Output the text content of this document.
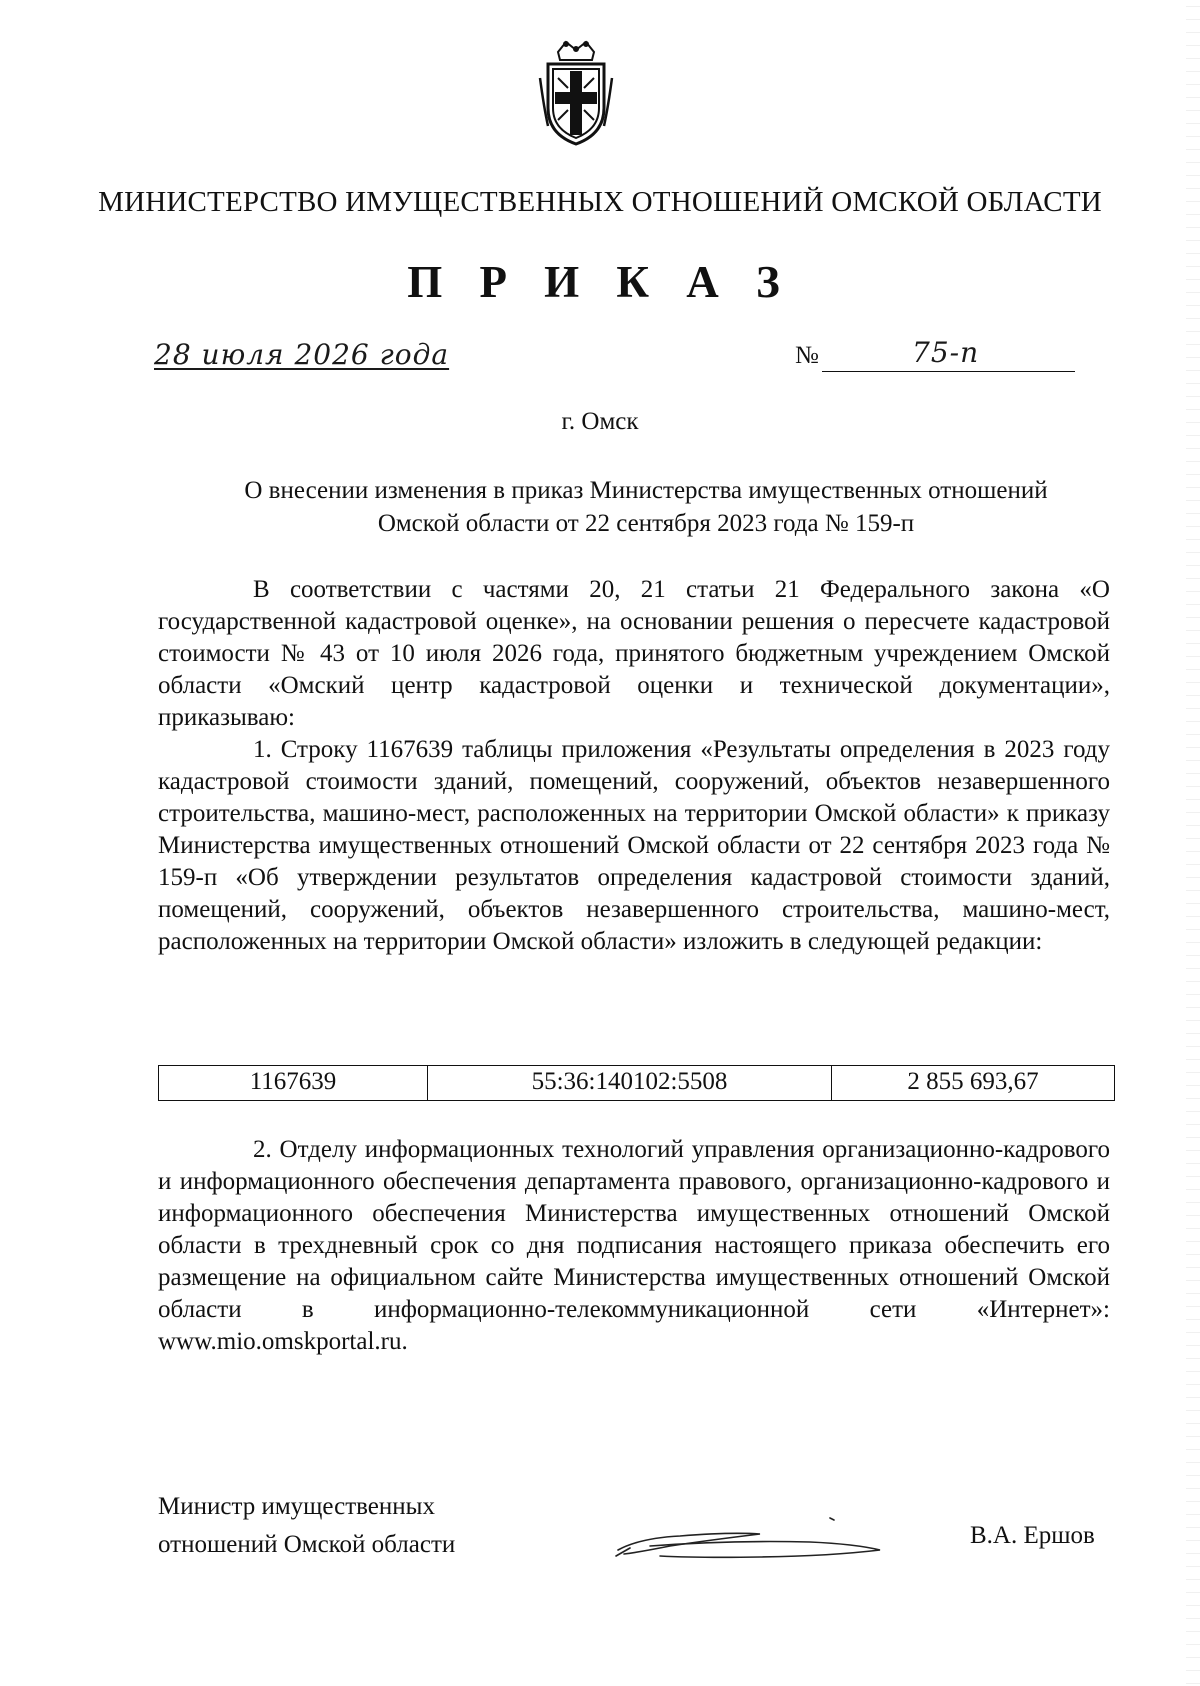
МИНИСТЕРСТВО ИМУЩЕСТВЕННЫХ ОТНОШЕНИЙ ОМСКОЙ ОБЛАСТИ
П Р И К А З
28 июля 2026 года	№	75-п
г. Омск
О внесении изменения в приказ Министерства имущественных отношений
Омской области от 22 сентября 2023 года № 159-п

В соответствии с частями 20, 21 статьи 21 Федерального закона «О государственной кадастровой оценке», на основании решения о пересчете кадастровой стоимости № 43 от 10 июля 2026 года, принятого бюджетным учреждением Омской области «Омский центр кадастровой оценки и технической документации», приказываю:

1. Строку 1167639 таблицы приложения «Результаты определения в 2023 году кадастровой стоимости зданий, помещений, сооружений, объектов незавершенного строительства, машино-мест, расположенных на территории Омской области» к приказу Министерства имущественных отношений Омской области от 22 сентября 2023 года № 159-п «Об утверждении результатов определения кадастровой стоимости зданий, помещений, сооружений, объектов незавершенного строительства, машино-мест, расположенных на территории Омской области» изложить в следующей редакции:

1167639	55:36:140102:5508	2 855 693,67

2. Отделу информационных технологий управления организационно-кадрового и информационного обеспечения департамента правового, организационно-кадрового и информационного обеспечения Министерства имущественных отношений Омской области в трехдневный срок со дня подписания настоящего приказа обеспечить его размещение на официальном сайте Министерства имущественных отношений Омской области в информационно-телекоммуникационной сети «Интернет»: www.mio.omskportal.ru.

Министр имущественных
отношений Омской области	В.А. Ершов
